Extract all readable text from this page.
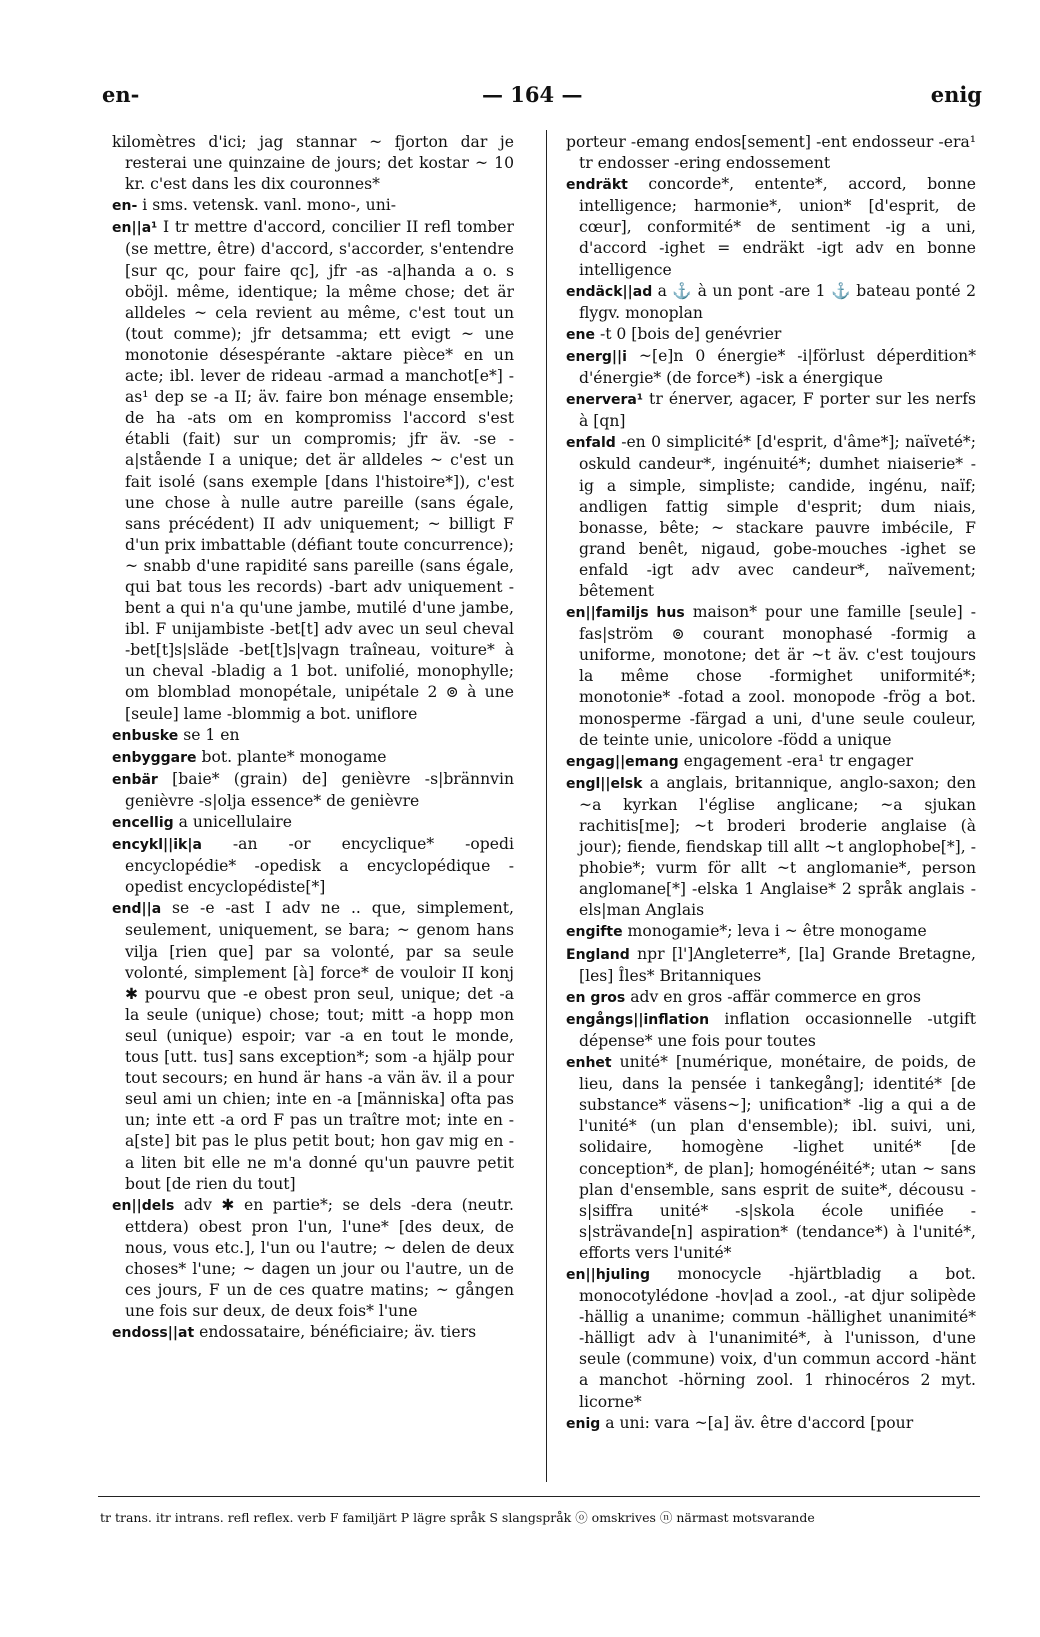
en-	— 164 —	enig

kilomètres d'ici; jag stannar ~ fjorton dar je resterai une quinzaine de jours; det kostar ~ 10 kr. c'est dans les dix couronnes*

en- i sms. vetensk. vanl. mono-, uni-

en||a¹ I tr mettre d'accord, concilier II refl tomber (se mettre, être) d'accord, s'accorder, s'entendre [sur qc, pour faire qc], jfr -as -a|handa a o. s oböjl. même, identique; la même chose; det är alldeles ~ cela revient au même, c'est tout un (tout comme); jfr detsamma; ett evigt ~ une monotonie désespérante -aktare pièce* en un acte; ibl. lever de rideau -armad a manchot[e*] -as¹ dep se -a II; äv. faire bon ménage ensemble; de ha -ats om en kompromiss l'accord s'est établi (fait) sur un compromis; jfr äv. -se -a|stående I a unique; det är alldeles ~ c'est un fait isolé (sans exemple [dans l'histoire*]), c'est une chose à nulle autre pareille (sans égale, sans précédent) II adv uniquement; ~ billigt F d'un prix imbattable (défiant toute concurrence); ~ snabb d'une rapidité sans pareille (sans égale, qui bat tous les records) -bart adv uniquement -bent a qui n'a qu'une jambe, mutilé d'une jambe, ibl. F unijambiste -bet[t] adv avec un seul cheval -bet[t]s|släde -bet[t]s|vagn traîneau, voiture* à un cheval -bladig a 1 bot. unifolié, monophylle; om blomblad monopétale, unipétale 2 ⊚ à une [seule] lame -blommig a bot. uniflore

enbuske se 1 en

enbyggare bot. plante* monogame

enbär [baie* (grain) de] genièvre -s|brännvin genièvre -s|olja essence* de genièvre

encellig a unicellulaire

encykl||ik|a -an -or encyclique* -opedi encyclopédie* -opedisk a encyclopédique -opedist encyclopédiste[*]

end||a se -e -ast I adv ne .. que, simplement, seulement, uniquement, se bara; ~ genom hans vilja [rien que] par sa volonté, par sa seule volonté, simplement [à] force* de vouloir II konj ✱ pourvu que -e obest pron seul, unique; det -a la seule (unique) chose; tout; mitt -a hopp mon seul (unique) espoir; var -a en tout le monde, tous [utt. tus] sans exception*; som -a hjälp pour tout secours; en hund är hans -a vän äv. il a pour seul ami un chien; inte en -a [människa] ofta pas un; inte ett -a ord F pas un traître mot; inte en -a[ste] bit pas le plus petit bout; hon gav mig en -a liten bit elle ne m'a donné qu'un pauvre petit bout [de rien du tout]

en||dels adv ✱ en partie*; se dels -dera (neutr. ettdera) obest pron l'un, l'une* [des deux, de nous, vous etc.], l'un ou l'autre; ~ delen de deux choses* l'une; ~ dagen un jour ou l'autre, un de ces jours, F un de ces quatre matins; ~ gången une fois sur deux, de deux fois* l'une

endoss||at endossataire, bénéficiaire; äv. tiers

porteur -emang endos[sement] -ent endosseur -era¹ tr endosser -ering endossement

endräkt concorde*, entente*, accord, bonne intelligence; harmonie*, union* [d'esprit, de cœur], conformité* de sentiment -ig a uni, d'accord -ighet = endräkt -igt adv en bonne intelligence

endäck||ad a ⚓ à un pont -are 1 ⚓ bateau ponté 2 flygv. monoplan

ene -t 0 [bois de] genévrier

energ||i ~[e]n 0 énergie* -i|förlust déperdition* d'énergie* (de force*) -isk a énergique

enervera¹ tr énerver, agacer, F porter sur les nerfs à [qn]

enfald -en 0 simplicité* [d'esprit, d'âme*]; naïveté*; oskuld candeur*, ingénuité*; dumhet niaiserie* -ig a simple, simpliste; candide, ingénu, naïf; andligen fattig simple d'esprit; dum niais, bonasse, bête; ~ stackare pauvre imbécile, F grand benêt, nigaud, gobe-mouches -ighet se enfald -igt adv avec candeur*, naïvement; bêtement

en||familjs hus maison* pour une famille [seule] -fas|ström ⊚ courant monophasé -formig a uniforme, monotone; det är ~t äv. c'est toujours la même chose -formighet uniformité*; monotonie* -fotad a zool. monopode -frög a bot. monosperme -färgad a uni, d'une seule couleur, de teinte unie, unicolore -född a unique

engag||emang engagement -era¹ tr engager

engl||elsk a anglais, britannique, anglo-saxon; den ~a kyrkan l'église anglicane; ~a sjukan rachitis[me]; ~t broderi broderie anglaise (à jour); fiende, fiendskap till allt ~t anglophobe[*], -phobie*; vurm för allt ~t anglomanie*, person anglomane[*] -elska 1 Anglaise* 2 språk anglais -els|man Anglais

engifte monogamie*; leva i ~ être monogame

England npr [l']Angleterre*, [la] Grande Bretagne, [les] Îles* Britanniques

en gros adv en gros -affär commerce en gros

engångs||inflation inflation occasionnelle -utgift dépense* une fois pour toutes

enhet unité* [numérique, monétaire, de poids, de lieu, dans la pensée i tankegång]; identité* [de substance* väsens~]; unification* -lig a qui a de l'unité* (un plan d'ensemble); ibl. suivi, uni, solidaire, homogène -lighet unité* [de conception*, de plan]; homogénéité*; utan ~ sans plan d'ensemble, sans esprit de suite*, décousu -s|siffra unité* -s|skola école unifiée -s|strävande[n] aspiration* (tendance*) à l'unité*, efforts vers l'unité*

en||hjuling monocycle -hjärtbladig a bot. monocotylédone -hov|ad a zool., -at djur solipède -hällig a unanime; commun -hällighet unanimité* -hälligt adv à l'unanimité*, à l'unisson, d'une seule (commune) voix, d'un commun accord -hänt a manchot -hörning zool. 1 rhinocéros 2 myt. licorne*

enig a uni: vara ~[a] äv. être d'accord [pour

tr trans. itr intrans. refl reflex. verb F familjärt P lägre språk S slangspråk ⓞ omskrives ⓝ närmast motsvarande
